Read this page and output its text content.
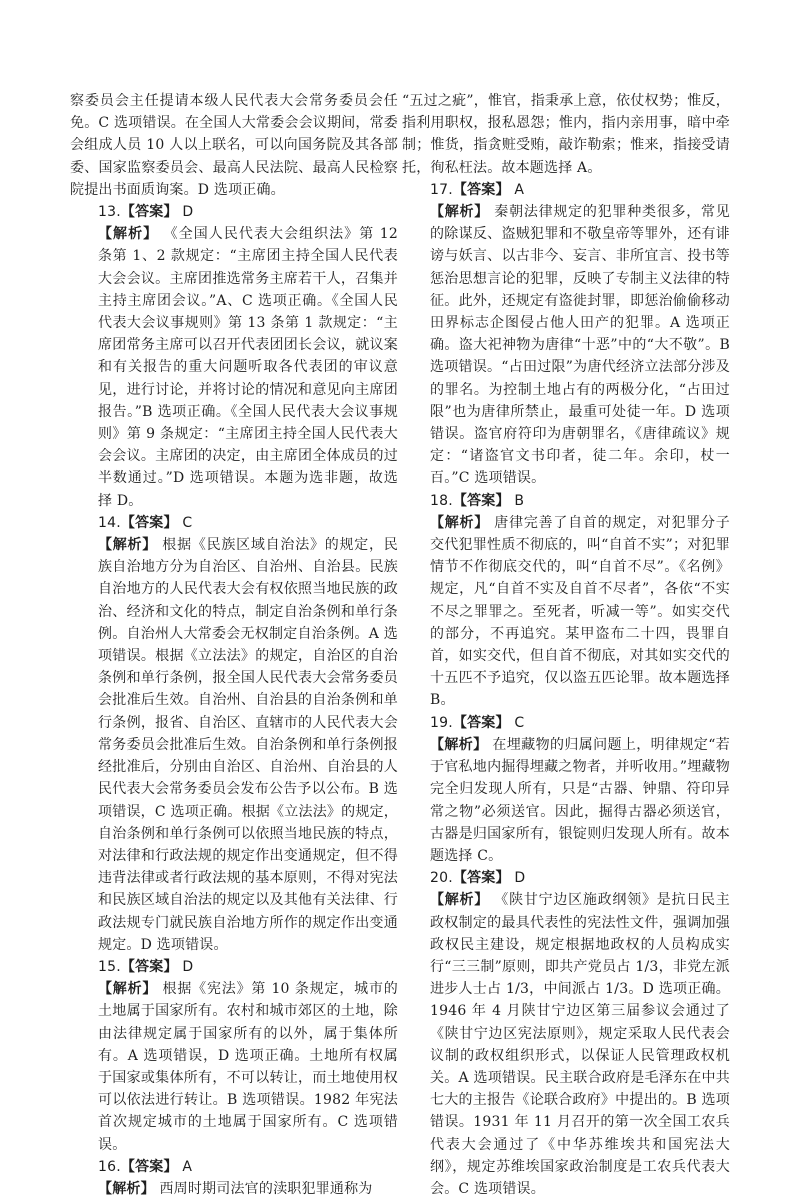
察委员会主任提请本级人民代表大会常务委员会任免。C 选项错误。在全国人大常委会会议期间，常委会组成人员 10 人以上联名，可以向国务院及其各部委、国家监察委员会、最高人民法院、最高人民检察院提出书面质询案。D 选项正确。

13.【答案】 D

【解析】 《全国人民代表大会组织法》第 12 条第 1、2 款规定：“主席团主持全国人民代表大会会议。主席团推选常务主席若干人，召集并主持主席团会议。”A、C 选项正确。《全国人民代表大会议事规则》第 13 条第 1 款规定：“主席团常务主席可以召开代表团团长会议，就议案和有关报告的重大问题听取各代表团的审议意见，进行讨论，并将讨论的情况和意见向主席团报告。”B 选项正确。《全国人民代表大会议事规则》第 9 条规定：“主席团主持全国人民代表大会会议。主席团的决定，由主席团全体成员的过半数通过。”D 选项错误。本题为选非题，故选择 D。

14.【答案】 C

【解析】 根据《民族区域自治法》的规定，民族自治地方分为自治区、自治州、自治县。民族自治地方的人民代表大会有权依照当地民族的政治、经济和文化的特点，制定自治条例和单行条例。自治州人大常委会无权制定自治条例。A 选项错误。根据《立法法》的规定，自治区的自治条例和单行条例，报全国人民代表大会常务委员会批准后生效。自治州、自治县的自治条例和单行条例，报省、自治区、直辖市的人民代表大会常务委员会批准后生效。自治条例和单行条例报经批准后，分别由自治区、自治州、自治县的人民代表大会常务委员会发布公告予以公布。B 选项错误，C 选项正确。根据《立法法》的规定，自治条例和单行条例可以依照当地民族的特点，对法律和行政法规的规定作出变通规定，但不得违背法律或者行政法规的基本原则，不得对宪法和民族区域自治法的规定以及其他有关法律、行政法规专门就民族自治地方所作的规定作出变通规定。D 选项错误。

15.【答案】 D

【解析】 根据《宪法》第 10 条规定，城市的土地属于国家所有。农村和城市郊区的土地，除由法律规定属于国家所有的以外，属于集体所有。A 选项错误，D 选项正确。土地所有权属于国家或集体所有，不可以转让，而土地使用权可以依法进行转让。B 选项错误。1982 年宪法首次规定城市的土地属于国家所有。C 选项错误。

16.【答案】 A

【解析】 西周时期司法官的渎职犯罪通称为

“五过之疵”，惟官，指秉承上意，依仗权势；惟反，指利用职权，报私恩怨；惟内，指内亲用事，暗中牵制；惟货，指贪赃受贿，敲诈勒索；惟来，指接受请托，徇私枉法。故本题选择 A。

17.【答案】 A

【解析】 秦朝法律规定的犯罪种类很多，常见的除谋反、盗贼犯罪和不敬皇帝等罪外，还有诽谤与妖言、以古非今、妄言、非所宜言、投书等惩治思想言论的犯罪，反映了专制主义法律的特征。此外，还规定有盗徙封罪，即惩治偷偷移动田界标志企图侵占他人田产的犯罪。A 选项正确。盗大祀神物为唐律“十恶”中的“大不敬”。B 选项错误。“占田过限”为唐代经济立法部分涉及的罪名。为控制土地占有的两极分化，“占田过限”也为唐律所禁止，最重可处徒一年。D 选项错误。盗官府符印为唐朝罪名，《唐律疏议》规定：“诸盗官文书印者，徒二年。余印，杖一百。”C 选项错误。

18.【答案】 B

【解析】 唐律完善了自首的规定，对犯罪分子交代犯罪性质不彻底的，叫“自首不实”；对犯罪情节不作彻底交代的，叫“自首不尽”。《名例》规定，凡“自首不实及自首不尽者”，各依“不实不尽之罪罪之。至死者，听减一等”。如实交代的部分，不再追究。某甲盗布二十四，畏罪自首，如实交代，但自首不彻底，对其如实交代的十五匹不予追究，仅以盗五匹论罪。故本题选择 B。

19.【答案】 C

【解析】 在埋藏物的归属问题上，明律规定“若于官私地内掘得埋藏之物者，并听收用。”埋藏物完全归发现人所有，只是“古器、钟鼎、符印异常之物”必须送官。因此，掘得古器必须送官，古器是归国家所有，银锭则归发现人所有。故本题选择 C。

20.【答案】 D

【解析】 《陕甘宁边区施政纲领》是抗日民主政权制定的最具代表性的宪法性文件，强调加强政权民主建设，规定根据地政权的人员构成实行“三三制”原则，即共产党员占 1/3，非党左派进步人士占 1/3，中间派占 1/3。D 选项正确。1946 年 4 月陕甘宁边区第三届参议会通过了《陕甘宁边区宪法原则》，规定采取人民代表会议制的政权组织形式，以保证人民管理政权机关。A 选项错误。民主联合政府是毛泽东在中共七大的主报告《论联合政府》中提出的。B 选项错误。1931 年 11 月召开的第一次全国工农兵代表大会通过了《中华苏维埃共和国宪法大纲》，规定苏维埃国家政治制度是工农兵代表大会。C 选项错误。
